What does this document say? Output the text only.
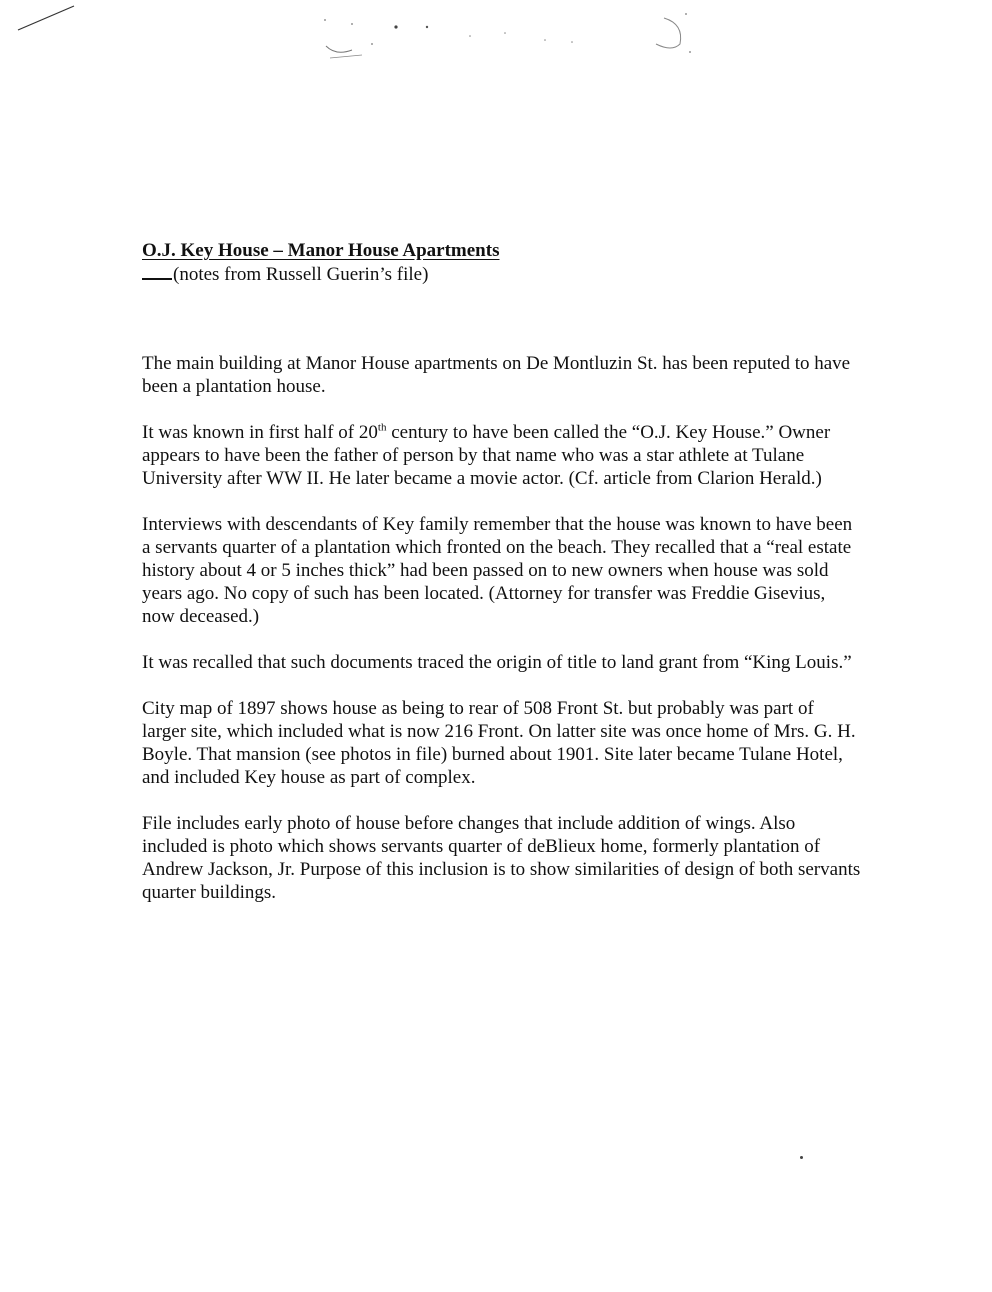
O.J. Key House – Manor House Apartments
(notes from Russell Guerin’s file)

The main building at Manor House apartments on De Montluzin St. has been reputed to have been a plantation house.

It was known in first half of 20th century to have been called the “O.J. Key House.” Owner appears to have been the father of person by that name who was a star athlete at Tulane University after WW II. He later became a movie actor. (Cf. article from Clarion Herald.)

Interviews with descendants of Key family remember that the house was known to have been a servants quarter of a plantation which fronted on the beach. They recalled that a “real estate history about 4 or 5 inches thick” had been passed on to new owners when house was sold years ago. No copy of such has been located. (Attorney for transfer was Freddie Gisevius, now deceased.)

It was recalled that such documents traced the origin of title to land grant from “King Louis.”

City map of 1897 shows house as being to rear of 508 Front St. but probably was part of larger site, which included what is now 216 Front. On latter site was once home of Mrs. G. H. Boyle. That mansion (see photos in file) burned about 1901. Site later became Tulane Hotel, and included Key house as part of complex.

File includes early photo of house before changes that include addition of wings. Also included is photo which shows servants quarter of deBlieux home, formerly plantation of Andrew Jackson, Jr. Purpose of this inclusion is to show similarities of design of both servants quarter buildings.
